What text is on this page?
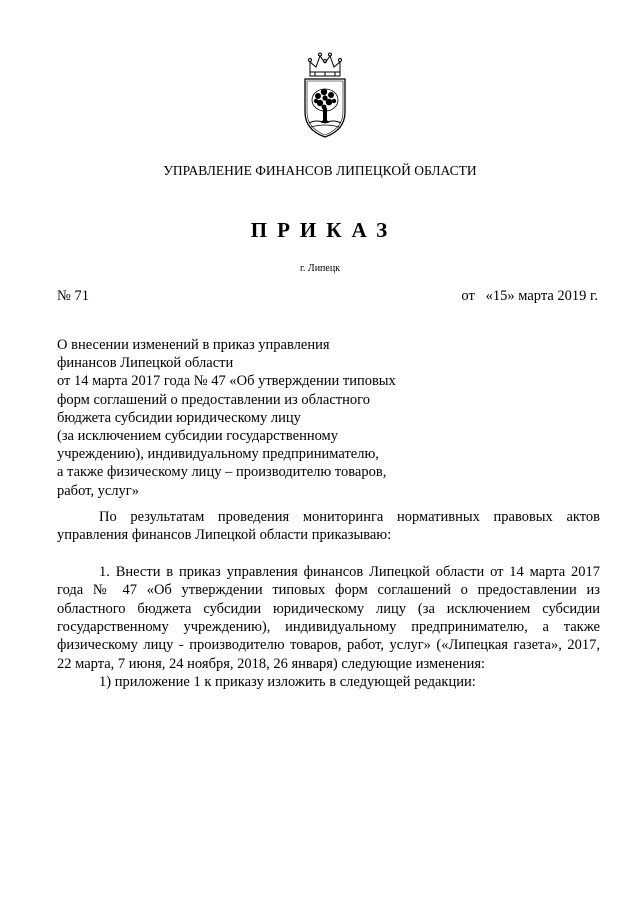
УПРАВЛЕНИЕ ФИНАНСОВ ЛИПЕЦКОЙ ОБЛАСТИ
ПРИКАЗ
г. Липецк
№ 71	от   «15» марта 2019 г.
О внесении изменений в приказ управления
финансов Липецкой области
от 14 марта 2017 года № 47 «Об утверждении типовых
форм соглашений о предоставлении из областного
бюджета субсидии юридическому лицу
(за исключением субсидии государственному
учреждению), индивидуальному предпринимателю,
а также физическому лицу – производителю товаров,
работ, услуг»

По результатам проведения мониторинга нормативных правовых актов управления финансов Липецкой области приказываю:

1. Внести в приказ управления финансов Липецкой области от 14 марта 2017 года № 47 «Об утверждении типовых форм соглашений о предоставлении из областного бюджета субсидии юридическому лицу (за исключением субсидии государственному учреждению), индивидуальному предпринимателю, а также физическому лицу - производителю товаров, работ, услуг» («Липецкая газета», 2017, 22 марта, 7 июня, 24 ноября, 2018, 26 января) следующие изменения:

1) приложение 1 к приказу изложить в следующей редакции:
